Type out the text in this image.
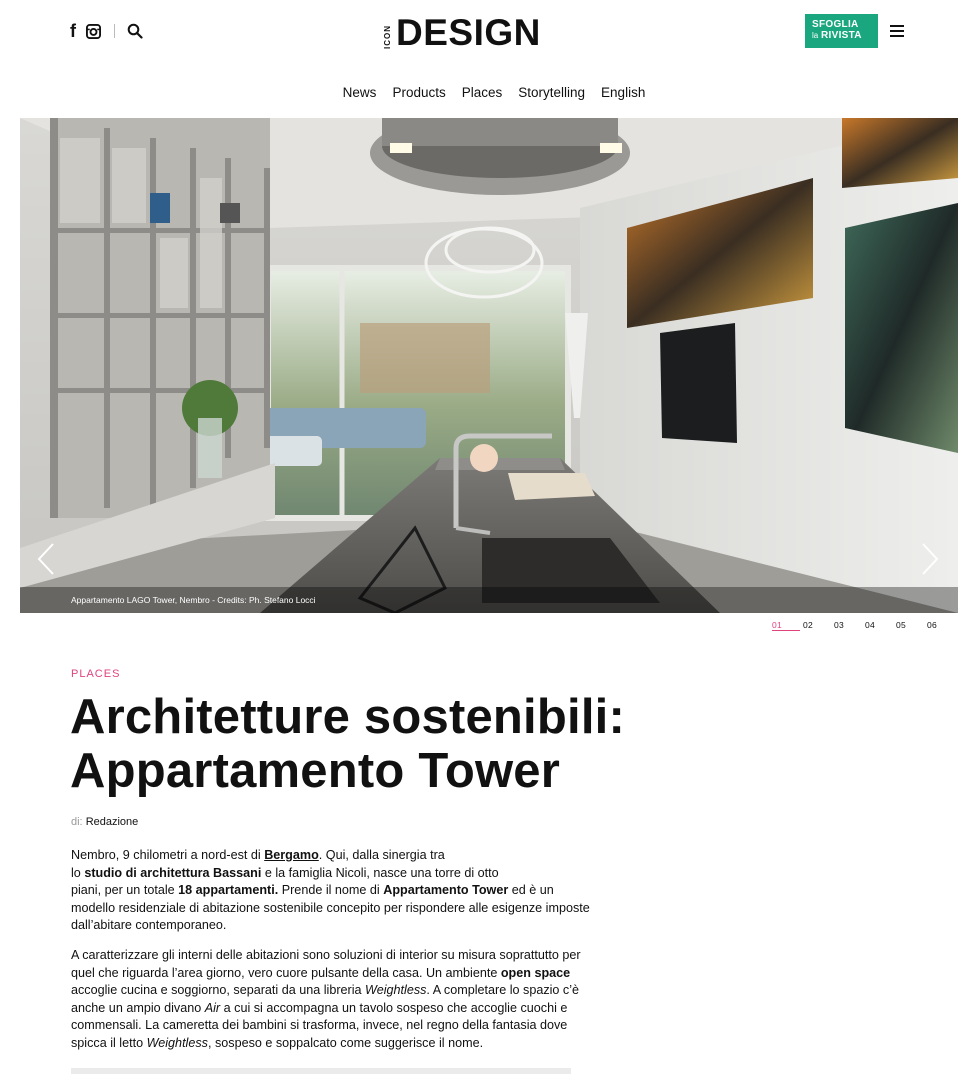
f	ICON DESIGN	SFOGLIA
la RIVISTA
News Products Places Storytelling English
Appartamento LAGO Tower, Nembro - Credits: Ph. Stefano Locci
01	02	03	04	05	06
PLACES
Architetture sostenibili:
Appartamento Tower
di: Redazione

Nembro, 9 chilometri a nord-est di Bergamo. Qui, dalla sinergia tra
lo studio di architettura Bassani e la famiglia Nicoli, nasce una torre di otto
piani, per un totale 18 appartamenti. Prende il nome di Appartamento Tower ed è un
modello residenziale di abitazione sostenibile concepito per rispondere alle esigenze imposte
dall’abitare contemporaneo.

A caratterizzare gli interni delle abitazioni sono soluzioni di interior su misura soprattutto per
quel che riguarda l’area giorno, vero cuore pulsante della casa. Un ambiente open space
accoglie cucina e soggiorno, separati da una libreria Weightless. A completare lo spazio c’è
anche un ampio divano Air a cui si accompagna un tavolo sospeso che accoglie cuochi e
commensali. La cameretta dei bambini si trasforma, invece, nel regno della fantasia dove
spicca il letto Weightless, sospeso e soppalcato come suggerisce il nome.
